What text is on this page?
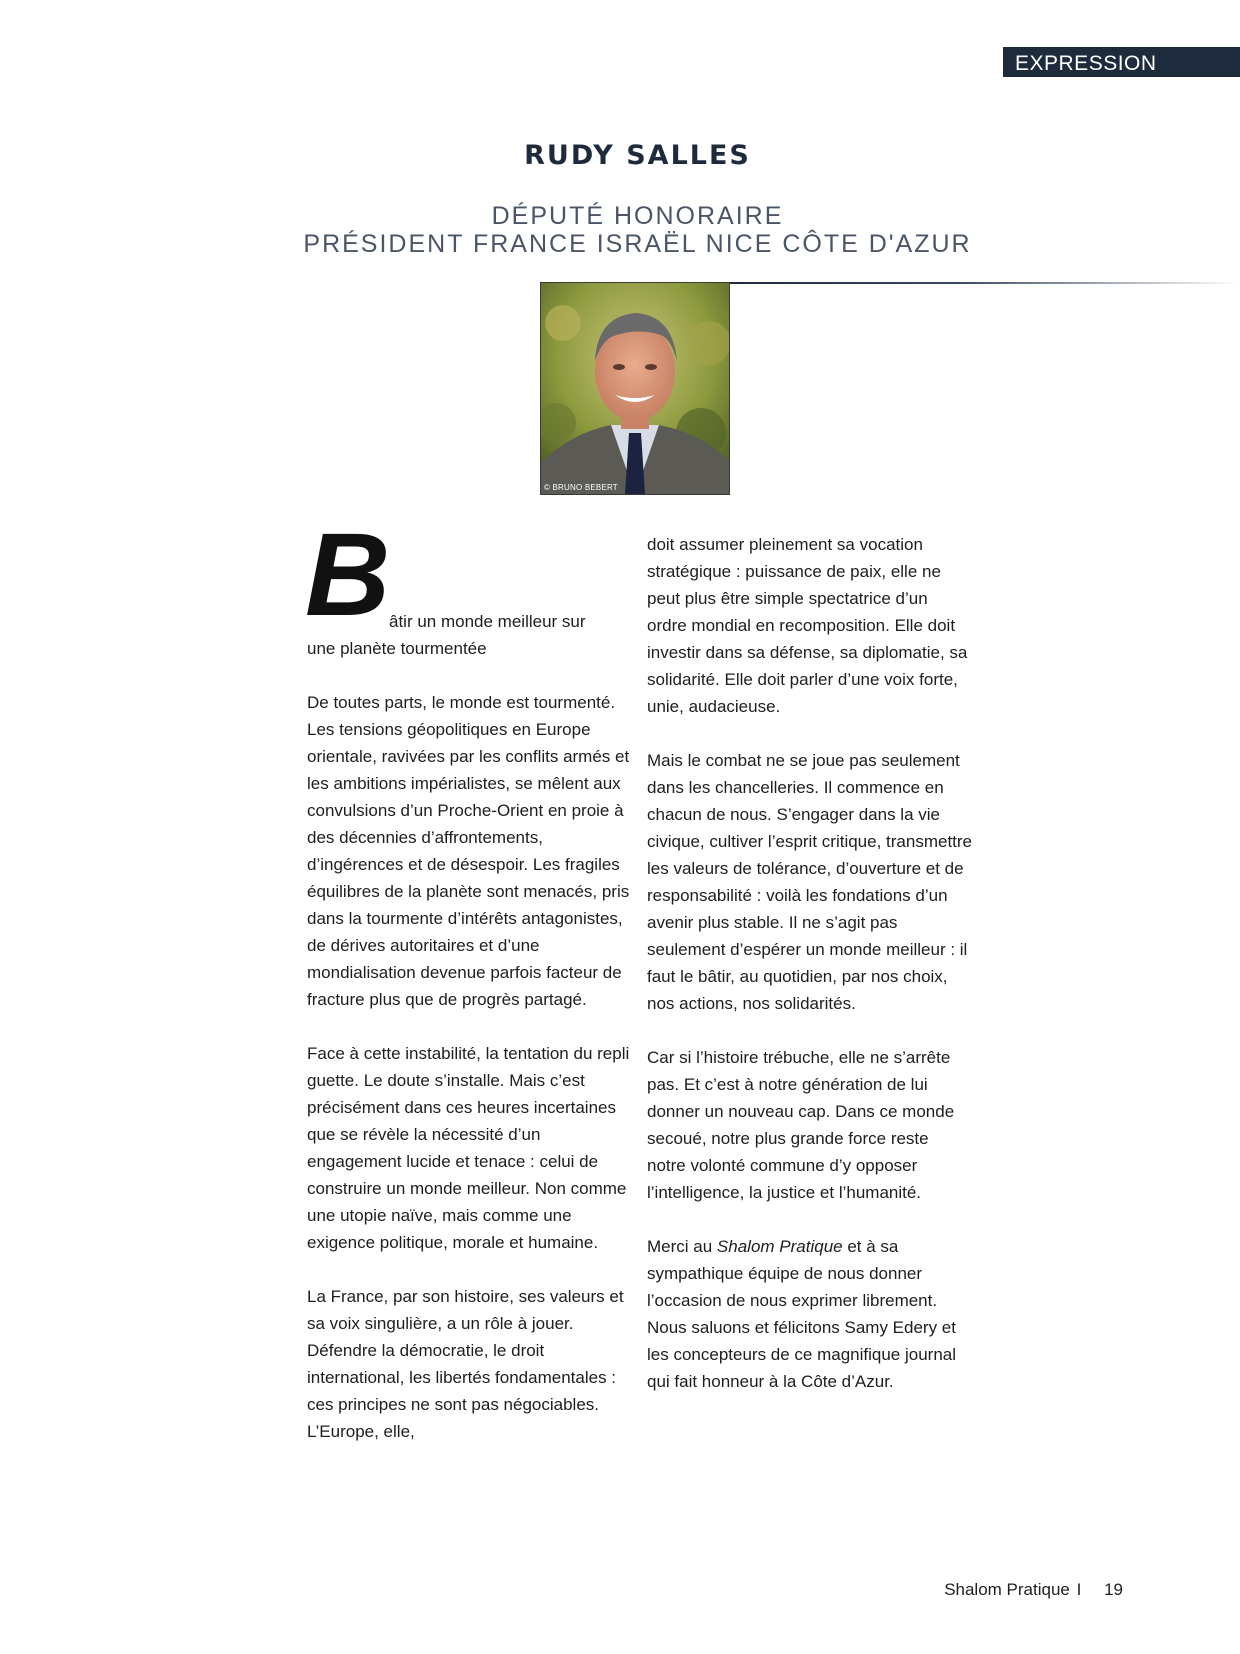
EXPRESSION
RUDY SALLES
DÉPUTÉ HONORAIRE
PRÉSIDENT FRANCE ISRAËL NICE CÔTE D'AZUR
© BRUNO BEBERT

B
âtir un monde meilleur sur
une planète tourmentée

De toutes parts, le monde est tourmenté. Les tensions géopolitiques en Europe orientale, ravivées par les conflits armés et les ambitions impérialistes, se mêlent aux convulsions d’un Proche-Orient en proie à des décennies d’affrontements, d’ingérences et de désespoir. Les fragiles équilibres de la planète sont menacés, pris dans la tourmente d’intérêts antagonistes, de dérives autoritaires et d’une mondialisation devenue parfois facteur de fracture plus que de progrès partagé.

Face à cette instabilité, la tentation du repli guette. Le doute s’installe. Mais c’est précisément dans ces heures incertaines que se révèle la nécessité d’un engagement lucide et tenace : celui de construire un monde meilleur. Non comme une utopie naïve, mais comme une exigence politique, morale et humaine.

La France, par son histoire, ses valeurs et sa voix singulière, a un rôle à jouer. Défendre la démocratie, le droit international, les libertés fondamentales : ces principes ne sont pas négociables. L’Europe, elle,

doit assumer pleinement sa vocation stratégique : puissance de paix, elle ne peut plus être simple spectatrice d’un ordre mondial en recomposition. Elle doit investir dans sa défense, sa diplomatie, sa solidarité. Elle doit parler d’une voix forte, unie, audacieuse.

Mais le combat ne se joue pas seulement dans les chancelleries. Il commence en chacun de nous. S’engager dans la vie civique, cultiver l’esprit critique, transmettre les valeurs de tolérance, d’ouverture et de responsabilité : voilà les fondations d’un avenir plus stable. Il ne s’agit pas seulement d’espérer un monde meilleur : il faut le bâtir, au quotidien, par nos choix, nos actions, nos solidarités.

Car si l’histoire trébuche, elle ne s’arrête pas. Et c’est à notre génération de lui donner un nouveau cap. Dans ce monde secoué, notre plus grande force reste notre volonté commune d’y opposer l’intelligence, la justice et l’humanité.

Merci au Shalom Pratique et à sa sympathique équipe de nous donner l’occasion de nous exprimer librement. Nous saluons et félicitons Samy Edery et les concepteurs de ce magnifique journal qui fait honneur à la Côte d’Azur.

Shalom Pratique I 19
